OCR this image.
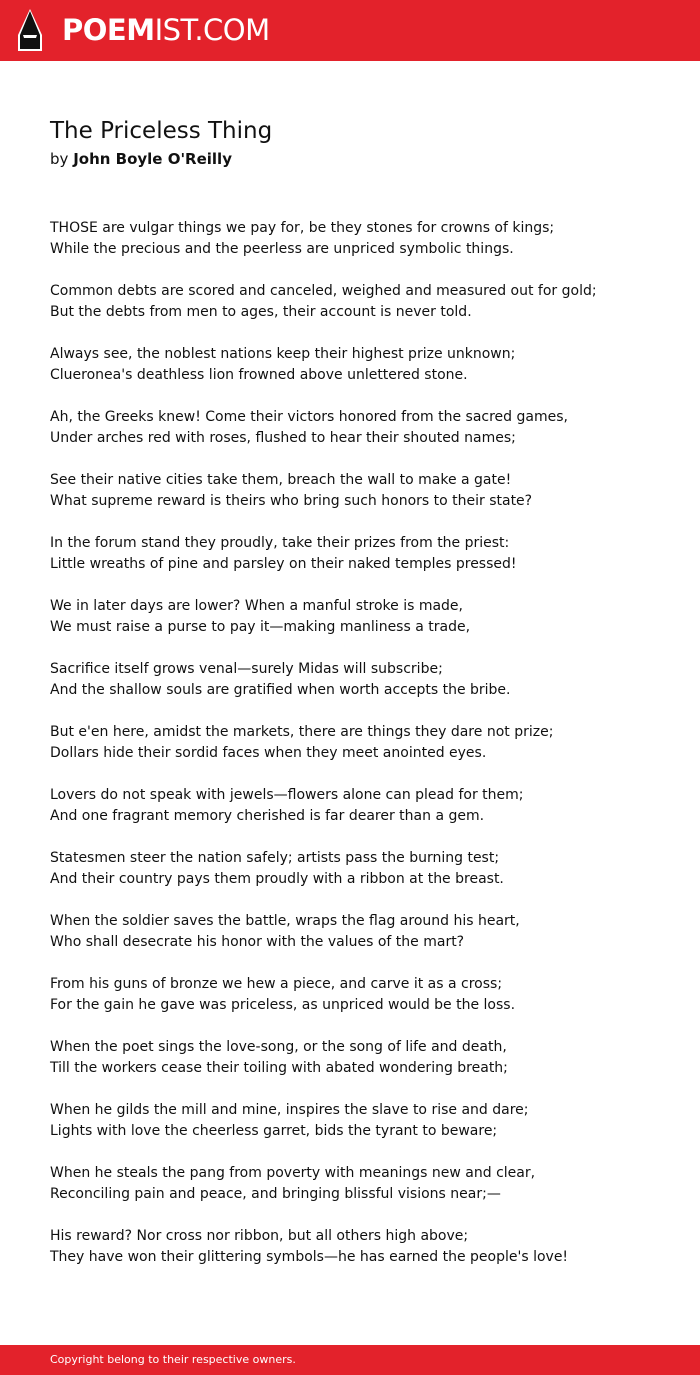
POEMIST.COM
The Priceless Thing
by John Boyle O'Reilly
THOSE are vulgar things we pay for, be they stones for crowns of kings;
While the precious and the peerless are unpriced symbolic things.
Common debts are scored and canceled, weighed and measured out for gold;
But the debts from men to ages, their account is never told.
Always see, the noblest nations keep their highest prize unknown;
Cluеronea's deathless lion frowned above unlettered stone.
Ah, the Greeks knew! Come their victors honored from the sacred games,
Under arches red with roses, flushed to hear their shouted names;
See their native cities take them, breach the wall to make a gate!
What supreme reward is theirs who bring such honors to their state?
In the forum stand they proudly, take their prizes from the priest:
Little wreaths of pine and parsley on their naked temples pressed!
We in later days are lower? When a manful stroke is made,
We must raise a purse to pay it—making manliness a trade,
Sacrifice itself grows venal—surely Midas will subscribe;
And the shallow souls are gratified when worth accepts the bribe.
But e'en here, amidst the markets, there are things they dare not prize;
Dollars hide their sordid faces when they meet anointed eyes.
Lovers do not speak with jewels—flowers alone can plead for them;
And one fragrant memory cherished is far dearer than a gem.
Statesmen steer the nation safely; artists pass the burning test;
And their country pays them proudly with a ribbon at the breast.
When the soldier saves the battle, wraps the flag around his heart,
Who shall desecrate his honor with the values of the mart?
From his guns of bronze we hew a piece, and carve it as a cross;
For the gain he gave was priceless, as unpriced would be the loss.
When the poet sings the love-song, or the song of life and death,
Till the workers cease their toiling with abated wondering breath;
When he gilds the mill and mine, inspires the slave to rise and dare;
Lights with love the cheerless garret, bids the tyrant to beware;
When he steals the pang from poverty with meanings new and clear,
Reconciling pain and peace, and bringing blissful visions near;—
His reward? Nor cross nor ribbon, but all others high above;
They have won their glittering symbols—he has earned the people's love!
Copyright belong to their respective owners.
